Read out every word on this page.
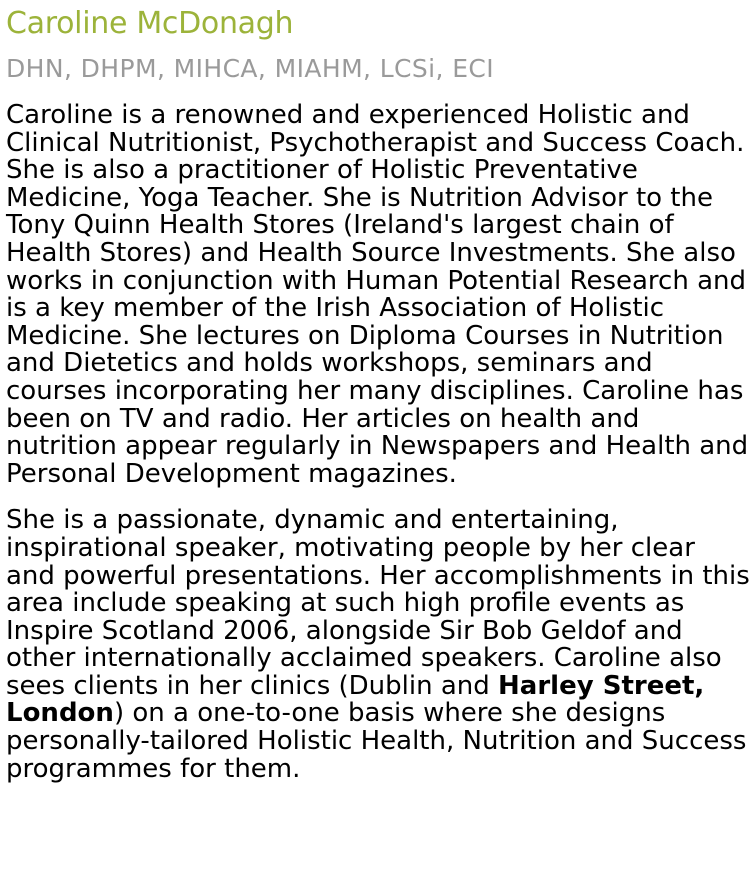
Caroline McDonagh
DHN, DHPM, MIHCA, MIAHM, LCSi, ECI

Caroline is a renowned and experienced Holistic and Clinical Nutritionist, Psychotherapist and Success Coach. She is also a practitioner of Holistic Preventative Medicine, Yoga Teacher. She is Nutrition Advisor to the Tony Quinn Health Stores (Ireland's largest chain of Health Stores) and Health Source Investments. She also works in conjunction with Human Potential Research and is a key member of the Irish Association of Holistic Medicine. She lectures on Diploma Courses in Nutrition and Dietetics and holds workshops, seminars and courses incorporating her many disciplines. Caroline has been on TV and radio. Her articles on health and nutrition appear regularly in Newspapers and Health and Personal Development magazines.

She is a passionate, dynamic and entertaining, inspirational speaker, motivating people by her clear and powerful presentations. Her accomplishments in this area include speaking at such high profile events as Inspire Scotland 2006, alongside Sir Bob Geldof and other internationally acclaimed speakers. Caroline also sees clients in her clinics (Dublin and Harley Street, London) on a one-to-one basis where she designs personally-tailored Holistic Health, Nutrition and Success programmes for them.
